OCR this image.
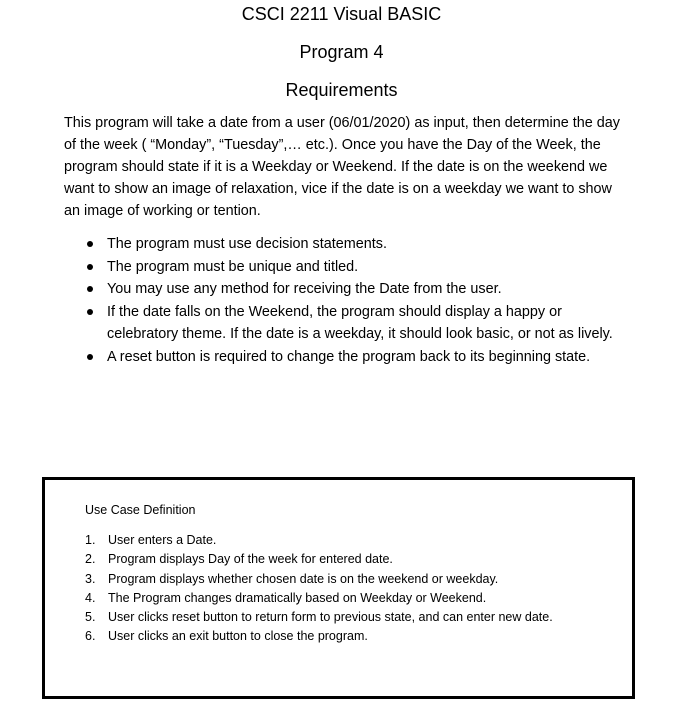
CSCI 2211 Visual BASIC
Program 4
Requirements

This program will take a date from a user (06/01/2020) as input, then determine the day of the week ( “Monday”, “Tuesday”,… etc.). Once you have the Day of the Week, the program should state if it is a Weekday or Weekend. If the date is on the weekend we want to show an image of relaxation, vice if the date is on a weekday we want to show an image of working or tention.

The program must use decision statements.
The program must be unique and titled.
You may use any method for receiving the Date from the user.
If the date falls on the Weekend, the program should display a happy or celebratory theme. If the date is a weekday, it should look basic, or not as lively.
A reset button is required to change the program back to its beginning state.
Use Case Definition
1. User enters a Date.
2. Program displays Day of the week for entered date.
3. Program displays whether chosen date is on the weekend or weekday.
4. The Program changes dramatically based on Weekday or Weekend.
5. User clicks reset button to return form to previous state, and can enter new date.
6. User clicks an exit button to close the program.
